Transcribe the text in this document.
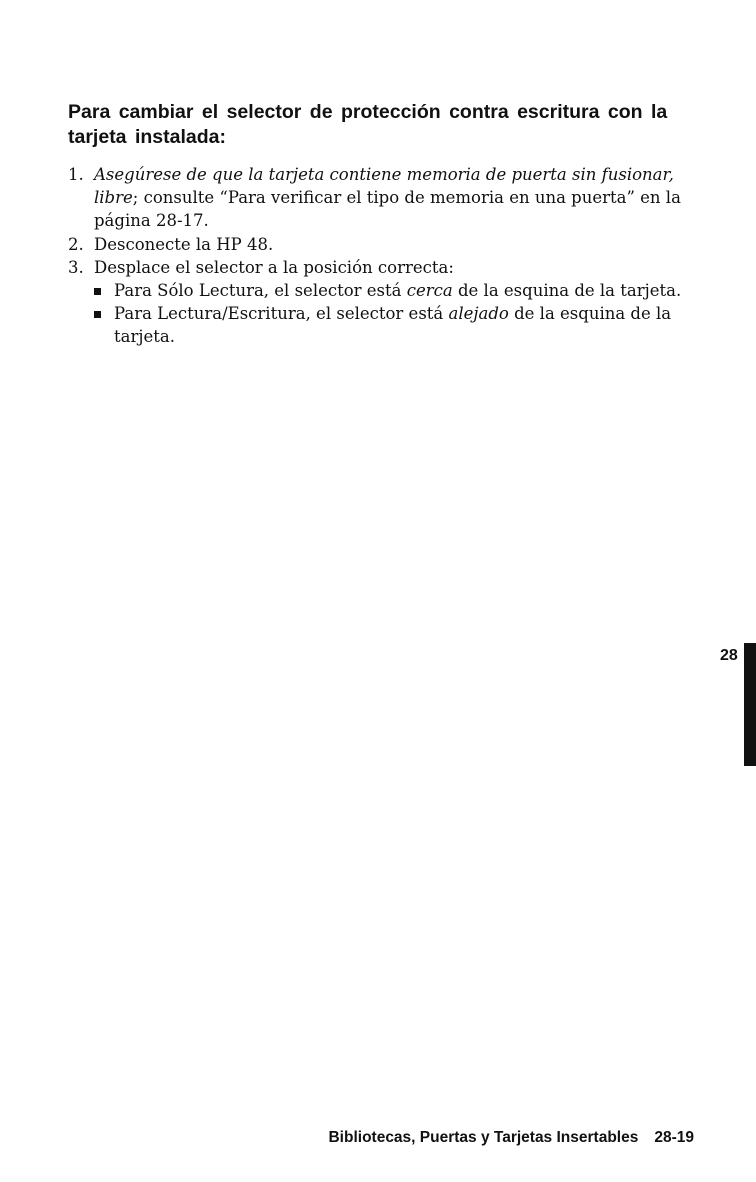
Para cambiar el selector de protección contra escritura con la tarjeta instalada:
1. Asegúrese de que la tarjeta contiene memoria de puerta sin fusionar, libre; consulte “Para verificar el tipo de memoria en una puerta” en la página 28-17.
2. Desconecte la HP 48.
3. Desplace el selector a la posición correcta:
Para Sólo Lectura, el selector está cerca de la esquina de la tarjeta.
Para Lectura/Escritura, el selector está alejado de la esquina de la tarjeta.
28
Bibliotecas, Puertas y Tarjetas Insertables 28-19
